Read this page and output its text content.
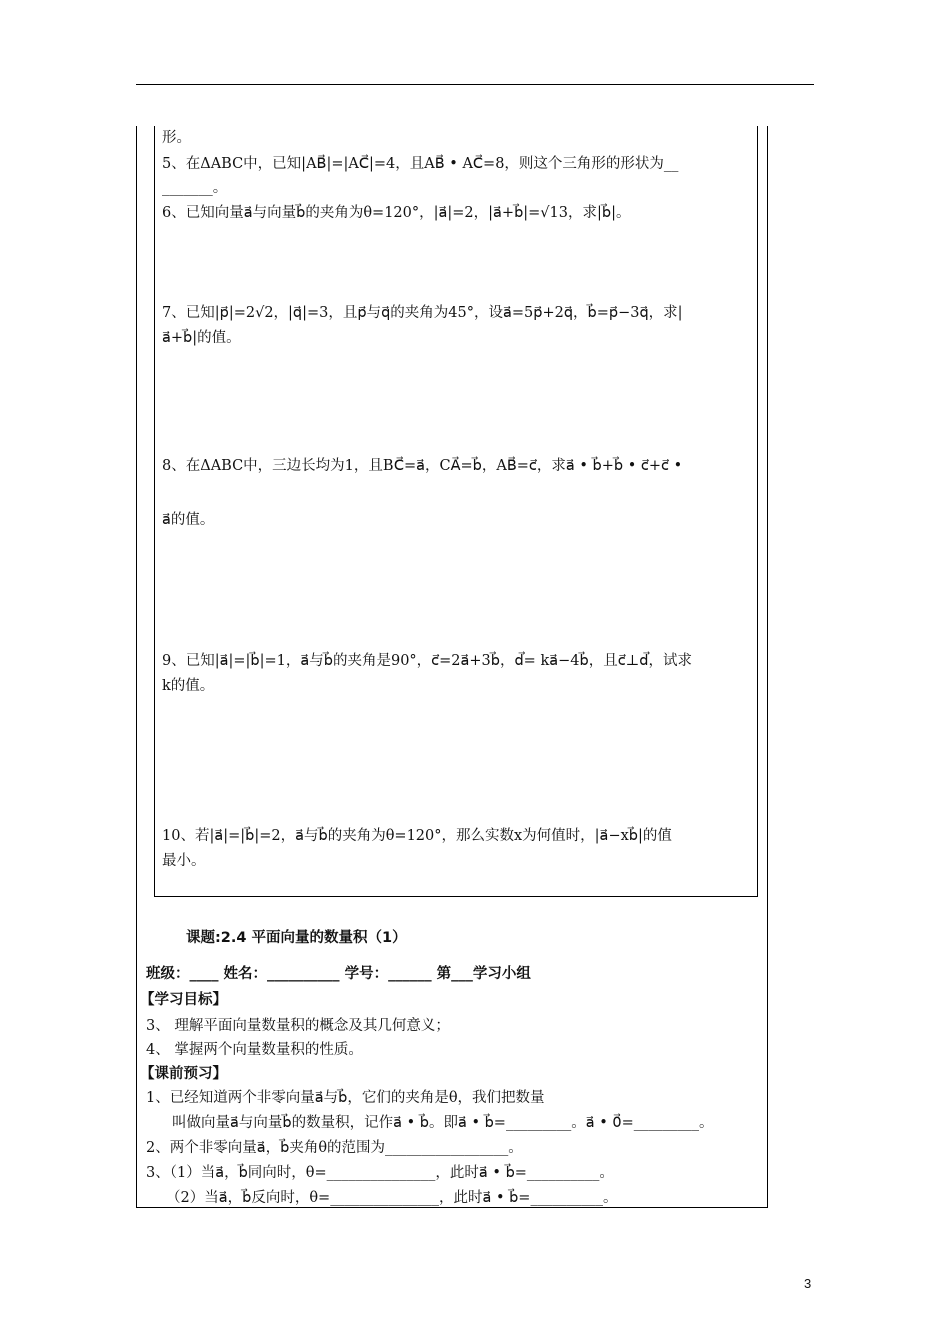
形。
5、在ΔABC中，已知|AB⃗|=|AC⃗|=4，且AB⃗ • AC⃗=8，则这个三角形的形状为__
_______。
6、已知向量a⃗与向量b⃗的夹角为θ=120°，|a⃗|=2，|a⃗+b⃗|=√13，求|b⃗|。
7、已知|p⃗|=2√2，|q⃗|=3，且p⃗与q⃗的夹角为45°，设a⃗=5p⃗+2q⃗，b⃗=p⃗−3q⃗，求|
a⃗+b⃗|的值。
8、在ΔABC中，三边长均为1，且BC⃗=a⃗，CA⃗=b⃗，AB⃗=c⃗，求a⃗ • b⃗+b⃗ • c⃗+c⃗ •
a⃗的值。
9、已知|a⃗|=|b⃗|=1，a⃗与b⃗的夹角是90°，c⃗=2a⃗+3b⃗，d⃗= ka⃗−4b⃗，且c⃗⊥d⃗，试求
k的值。
10、若|a⃗|=|b⃗|=2，a⃗与b⃗的夹角为θ=120°，那么实数x为何值时，|a⃗−xb⃗|的值
最小。
课题:2.4 平面向量的数量积（1）
班级：____ 姓名：__________ 学号：______ 第___学习小组
【学习目标】
3、 理解平面向量数量积的概念及其几何意义；
4、 掌握两个向量数量积的性质。
【课前预习】
1、已经知道两个非零向量a⃗与b⃗，它们的夹角是θ，我们把数量
叫做向量a⃗与向量b⃗的数量积，记作a⃗ • b⃗。即a⃗ • b⃗=_________。a⃗ • 0⃗=_________。
2、两个非零向量a⃗，b⃗夹角θ的范围为_________________。
3、（1）当a⃗，b⃗同向时，θ=_______________，此时a⃗ • b⃗=__________。
（2）当a⃗，b⃗反向时，θ=_______________，此时a⃗ • b⃗=__________。
3
